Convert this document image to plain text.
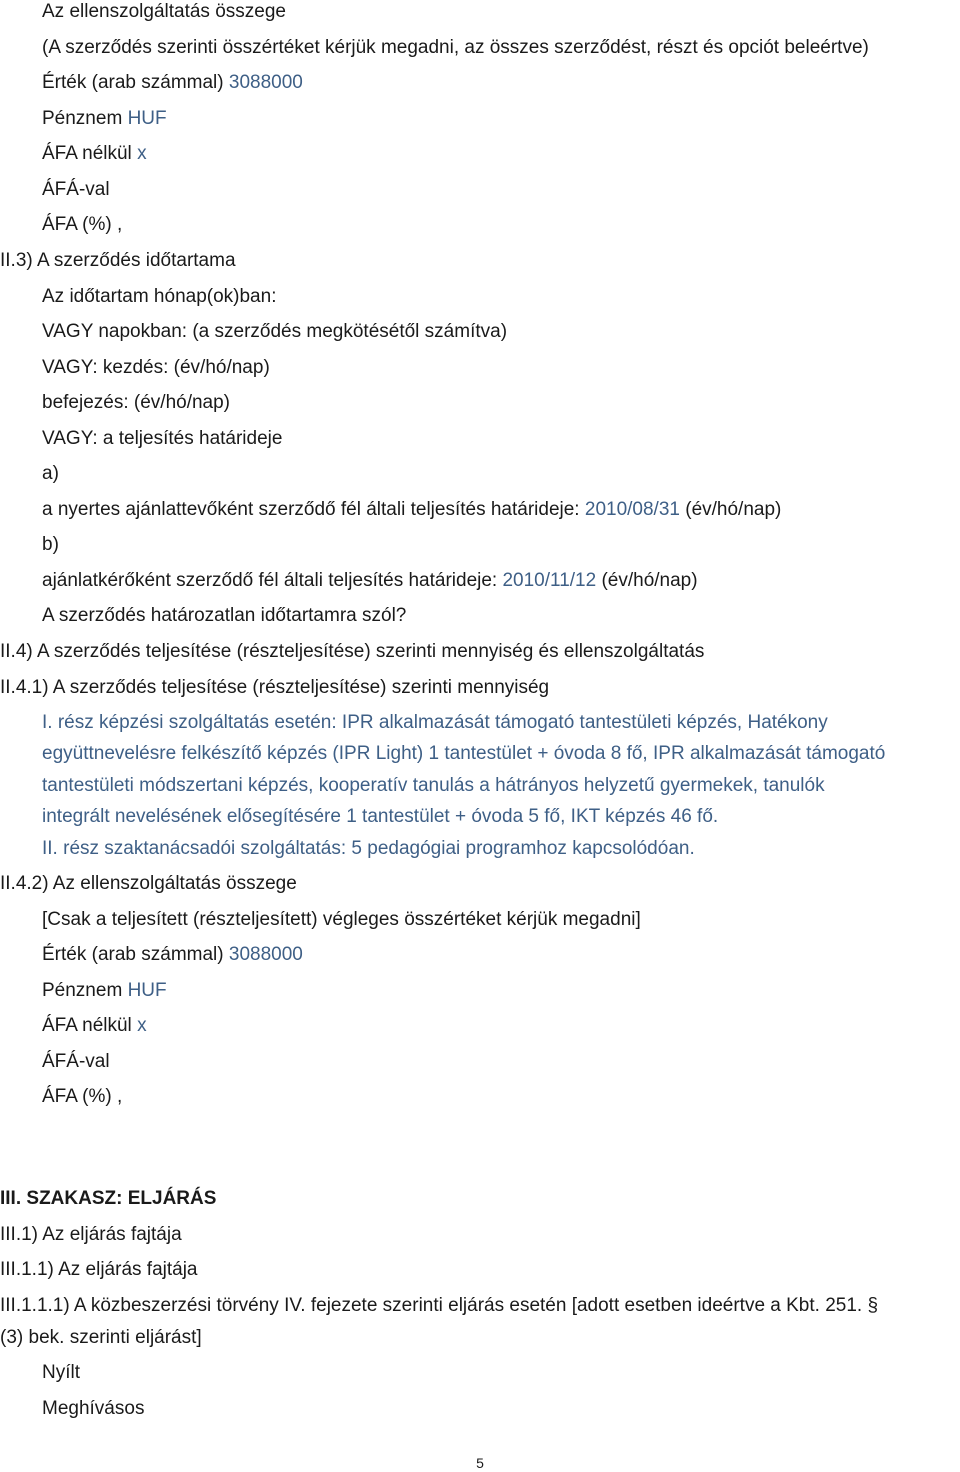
Az ellenszolgáltatás összege
(A szerződés szerinti összértéket kérjük megadni, az összes szerződést, részt és opciót beleértve)
Érték (arab számmal) 3088000
Pénznem HUF
ÁFA nélkül x
ÁFÁ-val
ÁFA (%) ,
II.3) A szerződés időtartama
Az időtartam hónap(ok)ban:
VAGY napokban: (a szerződés megkötésétől számítva)
VAGY: kezdés: (év/hó/nap)
befejezés: (év/hó/nap)
VAGY: a teljesítés határideje
a)
a nyertes ajánlattevőként szerződő fél általi teljesítés határideje: 2010/08/31 (év/hó/nap)
b)
ajánlatkérőként szerződő fél általi teljesítés határideje: 2010/11/12 (év/hó/nap)
A szerződés határozatlan időtartamra szól?
II.4) A szerződés teljesítése (részteljesítése) szerinti mennyiség és ellenszolgáltatás
II.4.1) A szerződés teljesítése (részteljesítése) szerinti mennyiség
I. rész képzési szolgáltatás esetén: IPR alkalmazását támogató tantestületi képzés, Hatékony
együttnevelésre felkészítő képzés (IPR Light) 1 tantestület + óvoda 8 fő, IPR alkalmazását támogató
tantestületi módszertani képzés, kooperatív tanulás a hátrányos helyzetű gyermekek, tanulók
integrált nevelésének elősegítésére 1 tantestület + óvoda 5 fő, IKT képzés 46 fő.
II. rész szaktanácsadói szolgáltatás: 5 pedagógiai programhoz kapcsolódóan.
II.4.2) Az ellenszolgáltatás összege
[Csak a teljesített (részteljesített) végleges összértéket kérjük megadni]
Érték (arab számmal) 3088000
Pénznem HUF
ÁFA nélkül x
ÁFÁ-val
ÁFA (%) ,
III. SZAKASZ: ELJÁRÁS
III.1) Az eljárás fajtája
III.1.1) Az eljárás fajtája
III.1.1.1) A közbeszerzési törvény IV. fejezete szerinti eljárás esetén [adott esetben ideértve a Kbt. 251. §
(3) bek. szerinti eljárást]
Nyílt
Meghívásos
5
